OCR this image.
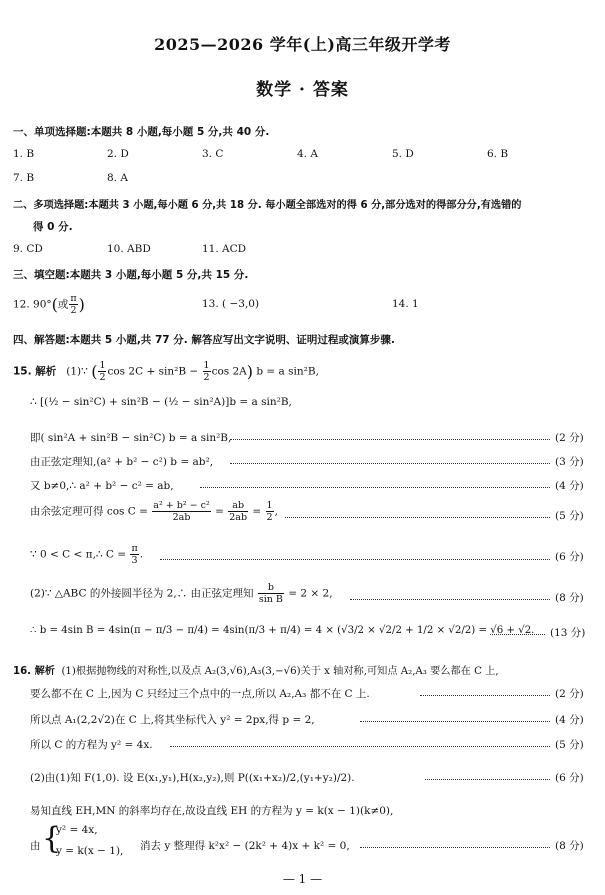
2025—2026 学年(上)高三年级开学考
数学 · 答案
一、单项选择题:本题共 8 小题,每小题 5 分,共 40 分.
1. B	2. D	3. C	4. A	5. D	6. B
7. B	8. A
二、多项选择题:本题共 3 小题,每小题 6 分,共 18 分. 每小题全部选对的得 6 分,部分选对的得部分分,有选错的
得 0 分.
9. CD	10. ABD	11. ACD
三、填空题:本题共 3 小题,每小题 5 分,共 15 分.
12. 90°(或 $\frac{\pi}{2}$ )	13. ( −3,0)	14. 1
四、解答题:本题共 5 小题,共 77 分. 解答应写出文字说明、证明过程或演算步骤.
15. 解析 (1)∵ ( $\frac{1}{2}$ $\cos 2C + \sin^2B - \frac{1}{2}$ cos 2A) b = a sin²B,
∴ [(½ − sin²C) + sin²B − (½ − sin²A)]b = a sin²B,
即( sin²A + sin²B − sin²C) b = a sin²B,	(2 分)
由正弦定理知,(a² + b² − c²) b = ab²,	(3 分)
又 b≠0,∴ a² + b² − c² = ab,	(4 分)
由余弦定理可得 $\cos C = \frac{\text{a² + b² − c²}}{2ab} = \frac{ab}{2ab} = \frac{1}{2}$ ,	(5 分)
∵ 0 < C < π,∴ $C = \frac{\pi}{3}$ .	(6 分)
(2)∵ △ABC 的外接圆半径为 2,∴ 由正弦定理知 $\frac{b}{\text{sin B}} = 2 \times 2$,	(8 分)
∴ b = 4sin B = 4sin(π − π/3 − π/4) = 4sin(π/3 + π/4) = 4 × (√3/2 × √2/2 + 1/2 × √2/2) = √6 + √2. (13 分)
16. 解析 (1)根据抛物线的对称性,以及点 A₂(3,√6),A₃(3,−√6)关于 x 轴对称,可知点 A₂,A₃ 要么都在 C 上,
要么都不在 C 上,因为 C 只经过三个点中的一点,所以 A₂,A₃ 都不在 C 上.	(2 分)
所以点 A₁(2,2√2)在 C 上,将其坐标代入 y² = 2px,得 p = 2,	(4 分)
所以 C 的方程为 y² = 4x.	(5 分)
(2)由(1)知 F(1,0). 设 E(x₁,y₁),H(x₂,y₂),则 P((x₁+x₂)/2,(y₁+y₂)/2).	(6 分)
易知直线 EH,MN 的斜率均存在,故设直线 EH 的方程为 y = k(x − 1)(k≠0),
由 {
y² = 4x,
y = k(x − 1), 消去 y 整理得 k²x² − (2k² + 4)x + k² = 0,	(8 分)
— 1 —
